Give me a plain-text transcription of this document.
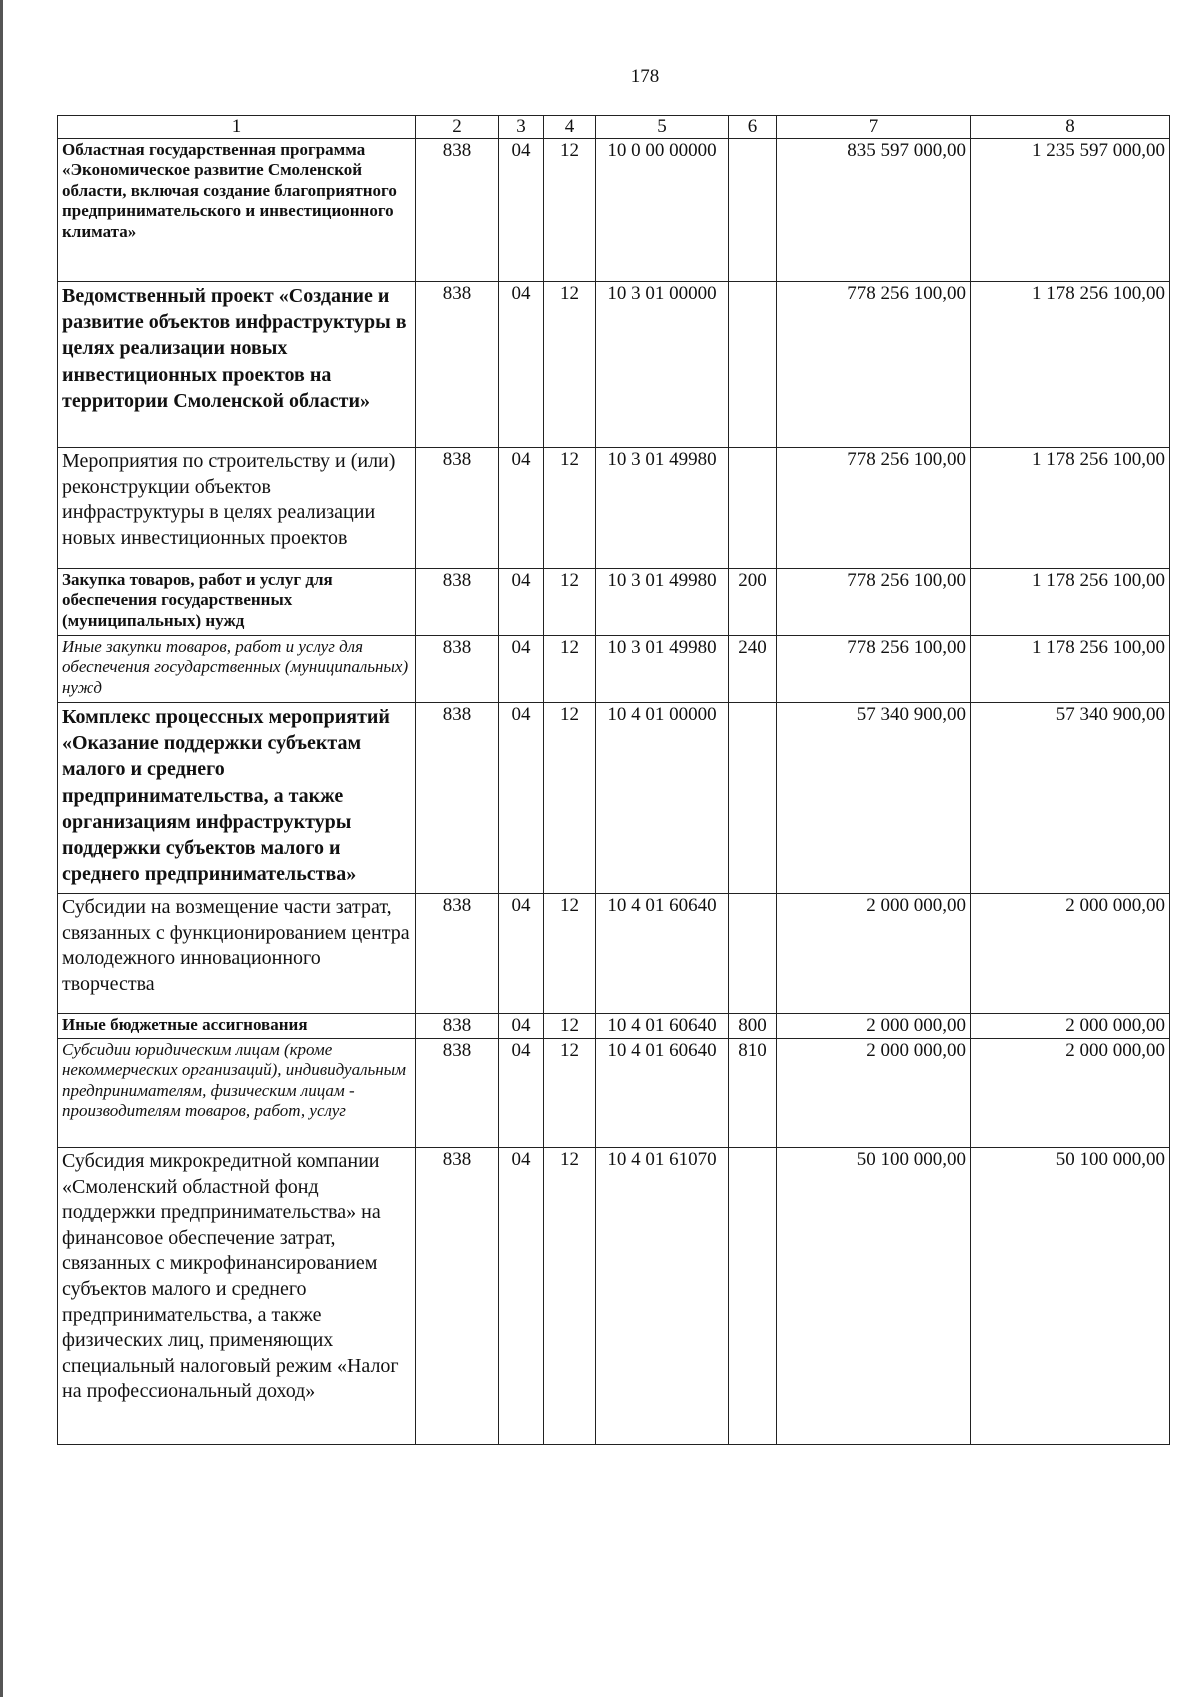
178
1	2	3	4	5	6	7	8
Областная государственная программа «Экономическое развитие Смоленской области, включая создание благоприятного предпринимательского и инвестиционного климата»	838	04	12	10 0 00 00000		835 597 000,00	1 235 597 000,00
Ведомственный проект «Создание и развитие объектов инфраструктуры в целях реализации новых инвестиционных проектов на территории Смоленской области»	838	04	12	10 3 01 00000		778 256 100,00	1 178 256 100,00
Мероприятия по строительству и (или) реконструкции объектов инфраструктуры в целях реализации новых инвестиционных проектов	838	04	12	10 3 01 49980		778 256 100,00	1 178 256 100,00
Закупка товаров, работ и услуг для обеспечения государственных (муниципальных) нужд	838	04	12	10 3 01 49980	200	778 256 100,00	1 178 256 100,00
Иные закупки товаров, работ и услуг для обеспечения государственных (муниципальных) нужд	838	04	12	10 3 01 49980	240	778 256 100,00	1 178 256 100,00
Комплекс процессных мероприятий «Оказание поддержки субъектам малого и среднего предпринимательства, а также организациям инфраструктуры поддержки субъектов малого и среднего предпринимательства»	838	04	12	10 4 01 00000		57 340 900,00	57 340 900,00
Субсидии на возмещение части затрат, связанных с функционированием центра молодежного инновационного творчества	838	04	12	10 4 01 60640		2 000 000,00	2 000 000,00
Иные бюджетные ассигнования	838	04	12	10 4 01 60640	800	2 000 000,00	2 000 000,00
Субсидии юридическим лицам (кроме некоммерческих организаций), индивидуальным предпринимателям, физическим лицам - производителям товаров, работ, услуг	838	04	12	10 4 01 60640	810	2 000 000,00	2 000 000,00
Субсидия микрокредитной компании «Смоленский областной фонд поддержки предпринимательства» на финансовое обеспечение затрат, связанных с микрофинансированием субъектов малого и среднего предпринимательства, а также физических лиц, применяющих специальный налоговый режим «Налог на профессиональный доход»	838	04	12	10 4 01 61070		50 100 000,00	50 100 000,00
